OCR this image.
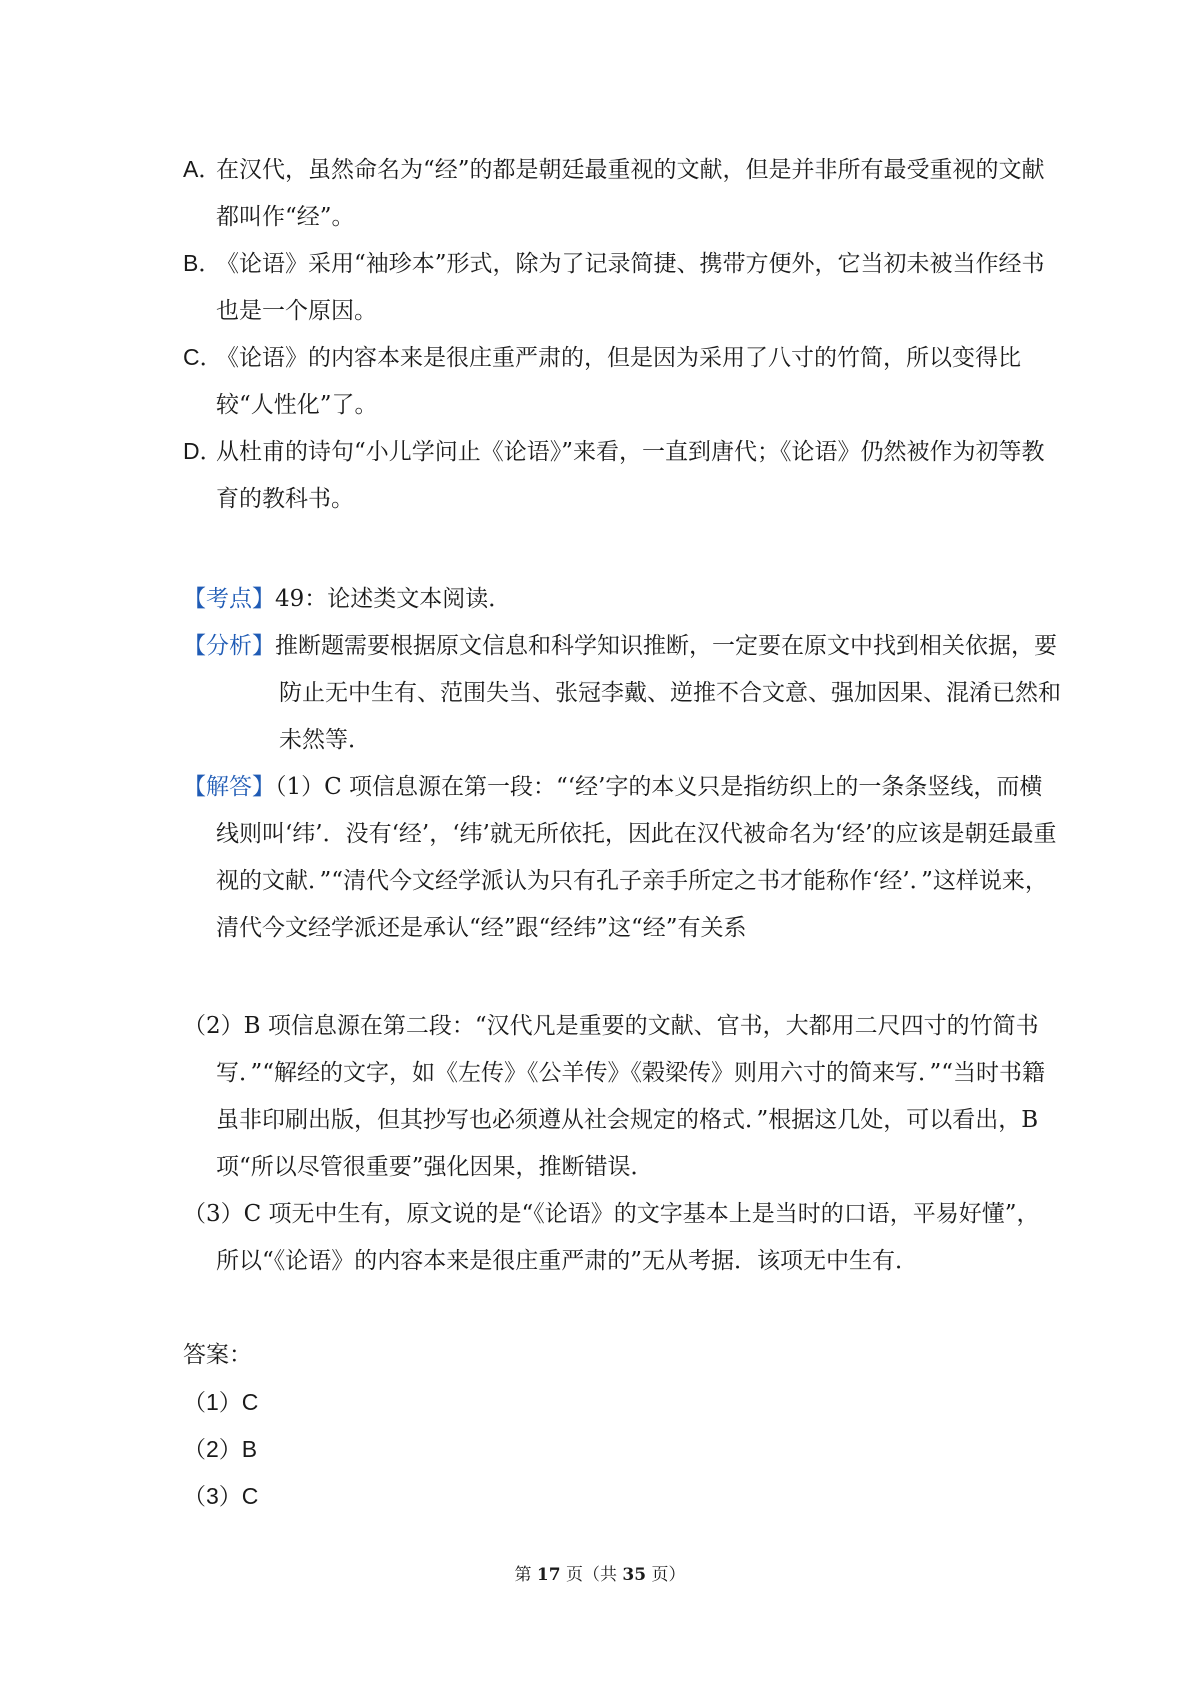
A．在汉代，虽然命名为“经”的都是朝廷最重视的文献，但是并非所有最受重视的文献都叫作“经”。
B．《论语》采用“袖珍本”形式，除为了记录简捷、携带方便外，它当初未被当作经书也是一个原因。
C．《论语》的内容本来是很庄重严肃的，但是因为采用了八寸的竹简，所以变得比较“人性化”了。
D．从杜甫的诗句“小儿学问止《论语》”来看，一直到唐代；《论语》仍然被作为初等教育的教科书。
【考点】49：论述类文本阅读．
【分析】推断题需要根据原文信息和科学知识推断，一定要在原文中找到相关依据，要防止无中生有、范围失当、张冠李戴、逆推不合文意、强加因果、混淆已然和未然等．
【解答】（1）C 项信息源在第一段：“‘经’字的本义只是指纺织上的一条条竖线，而横线则叫‘纬’．没有‘经’，‘纬’就无所依托，因此在汉代被命名为‘经’的应该是朝廷最重视的文献．”“清代今文经学派认为只有孔子亲手所定之书才能称作‘经’．”这样说来，清代今文经学派还是承认“经”跟“经纬”这“经”有关系
（2）B 项信息源在第二段：“汉代凡是重要的文献、官书，大都用二尺四寸的竹简书写．”“解经的文字，如《左传》《公羊传》《榖梁传》则用六寸的简来写．”“当时书籍虽非印刷出版，但其抄写也必须遵从社会规定的格式．”根据这几处，可以看出，B 项“所以尽管很重要”强化因果，推断错误．
（3）C 项无中生有，原文说的是“《论语》的文字基本上是当时的口语，平易好懂”，所以“《论语》的内容本来是很庄重严肃的”无从考据．该项无中生有．
答案：
（1）C
（2）B
（3）C
第 17 页（共 35 页）
